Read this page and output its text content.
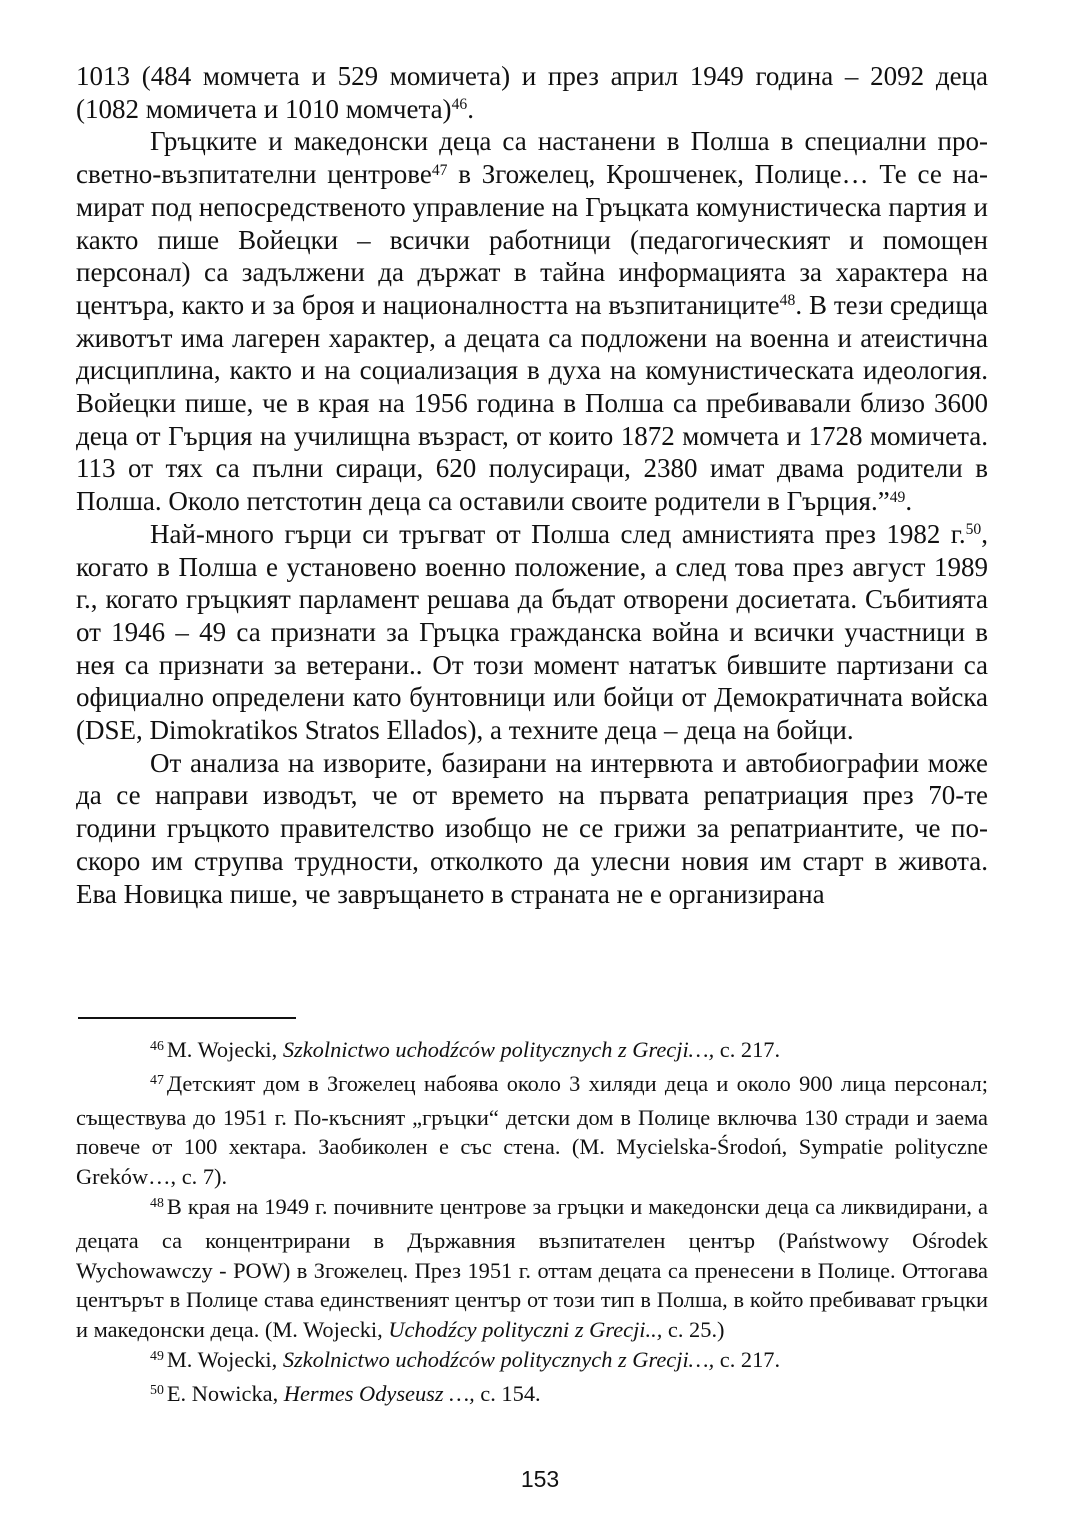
1013 (484 момчета и 529 момичета) и през април 1949 година – 2092 деца (1082 момичета и 1010 момчета)$^{46}$.

Гръцките и македонски деца са настанени в Полша в специални просветно-възпитателни центрове$^{47}$ в Згожелец, Крошченек, Полице… Те се намират под непосредственото управление на Гръцката комунистическа партия и както пише Войецки – всички работници (педагогическият и помощен персонал) са задължени да държат в тайна информацията за характера на центъра, както и за броя и националността на възпитаниците$^{48}$. В тези средища животът има лагерен характер, а децата са подложени на военна и атеистична дисциплина, както и на социализация в духа на комунистическата идеология. Войецки пише, че в края на 1956 година в Полша са пребивавали близо 3600 деца от Гърция на училищна възраст, от които 1872 момчета и 1728 момичета. 113 от тях са пълни сираци, 620 полусираци, 2380 имат двама родители в Полша. Около петстотин деца са оставили своите родители в Гърция.”$^{49}$.

Най-много гърци си тръгват от Полша след амнистията през 1982 г.$^{50}$, когато в Полша е установено военно положение, а след това през август 1989 г., когато гръцкият парламент решава да бъдат отворени досиетата. Събитията от 1946 – 49 са признати за Гръцка гражданска война и всички участници в нея са признати за ветерани.. От този момент нататък бившите партизани са официално определени като бунтовници или бойци от Демократичната войска (DSE, Dimokratikos Stratos Ellados), а техните деца – деца на бойци.

От анализа на изворите, базирани на интервюта и автобиографии може да се направи изводът, че от времето на първата репатриация през 70-те години гръцкото правителство изобщо не се грижи за репатриантите, че по-скоро им струпва трудности, отколкото да улесни новия им старт в живота. Ева Новицка пише, че завръщането в страната не е организирана

$^{46}$ M. Wojecki, Szkolnictwo uchodźców politycznych z Grecji…, с. 217.

$^{47}$ Детският дом в Згожелец набоява около 3 хиляди деца и около 900 лица персонал; съществува до 1951 г. По-късният „гръцки“ детски дом в Полице включва 130 стради и заема повече от 100 хектара. Заобиколен е със стена. (M. Mycielska-Środoń, Sympatie polityczne Greków…, с. 7).

$^{48}$ В края на 1949 г. почивните центрове за гръцки и македонски деца са ликвидирани, а децата са концентрирани в Държавния възпитателен център (Państwowy Ośrodek Wychowawczy - POW) в Згожелец. През 1951 г. оттам децата са пренесени в Полице. Оттогава центърът в Полице става единственият център от този тип в Полша, в който пребивават гръцки и македонски деца. (M. Wojecki, Uchodźcy polityczni z Grecji.., с. 25.)

$^{49}$ M. Wojecki, Szkolnictwo uchodźców politycznych z Grecji…, с. 217.

$^{50}$ E. Nowicka, Hermes Odyseusz …, с. 154.

153
